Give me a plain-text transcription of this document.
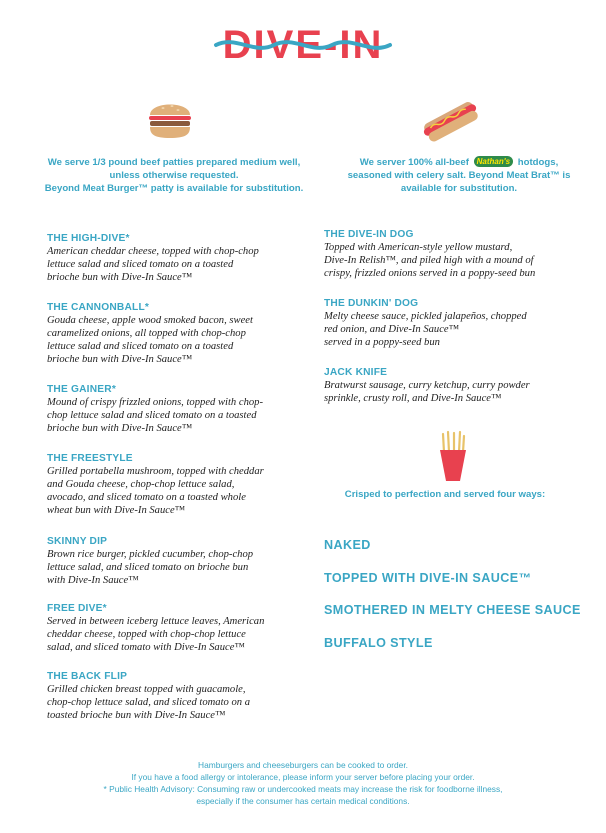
DIVE-IN

We serve 1/3 pound beef patties prepared medium well,
unless otherwise requested.
Beyond Meat Burger™ patty is available for substitution.

We server 100% all-beef Nathan's hotdogs,
seasoned with celery salt. Beyond Meat Brat™ is
available for substitution.

THE HIGH-DIVE*

American cheddar cheese, topped with chop-chop
lettuce salad and sliced tomato on a toasted
brioche bun with Dive-In Sauce™

THE CANNONBALL*

Gouda cheese, apple wood smoked bacon, sweet
caramelized onions, all topped with chop-chop
lettuce salad and sliced tomato on a toasted
brioche bun with Dive-In Sauce™

THE GAINER*

Mound of crispy frizzled onions, topped with chop-
chop lettuce salad and sliced tomato on a toasted
brioche bun with Dive-In Sauce™

THE FREESTYLE

Grilled portabella mushroom, topped with cheddar
and Gouda cheese, chop-chop lettuce salad,
avocado, and sliced tomato on a toasted whole
wheat bun with Dive-In Sauce™

SKINNY DIP

Brown rice burger, pickled cucumber, chop-chop
lettuce salad, and sliced tomato on brioche bun
with Dive-In Sauce™

FREE DIVE*

Served in between iceberg lettuce leaves, American
cheddar cheese, topped with chop-chop lettuce
salad, and sliced tomato with Dive-In Sauce™

THE BACK FLIP

Grilled chicken breast topped with guacamole,
chop-chop lettuce salad, and sliced tomato on a
toasted brioche bun with Dive-In Sauce™

THE DIVE-IN DOG

Topped with American-style yellow mustard,
Dive-In Relish™, and piled high with a mound of
crispy, frizzled onions served in a poppy-seed bun

THE DUNKIN' DOG

Melty cheese sauce, pickled jalapeños, chopped
red onion, and Dive-In Sauce™
served in a poppy-seed bun

JACK KNIFE

Bratwurst sausage, curry ketchup, curry powder
sprinkle, crusty roll, and Dive-In Sauce™

Crisped to perfection and served four ways:

NAKED

TOPPED WITH DIVE-IN SAUCE™

SMOTHERED IN MELTY CHEESE SAUCE

BUFFALO STYLE

Hamburgers and cheeseburgers can be cooked to order.
If you have a food allergy or intolerance, please inform your server before placing your order.
* Public Health Advisory: Consuming raw or undercooked meats may increase the risk for foodborne illness,
especially if the consumer has certain medical conditions.
